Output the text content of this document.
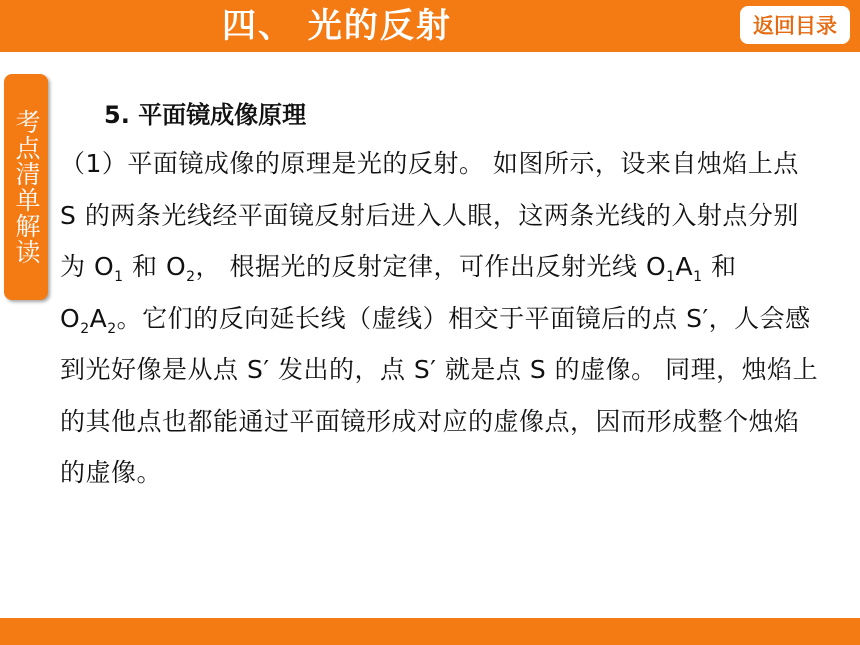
四、 光的反射	返回目录
考点清单解读	5. 平面镜成像原理

（1）平面镜成像的原理是光的反射。 如图所示，设来自烛焰上点 S 的两条光线经平面镜反射后进入人眼，这两条光线的入射点分别为 $O_1$ 和 $O_2$， 根据光的反射定律，可作出反射光线 $O_1A_1$ 和 $O_2A_2$。它们的反向延长线（虚线）相交于平面镜后的点 S′，人会感到光好像是从点 S′ 发出的，点 S′ 就是点 S 的虚像。 同理，烛焰上的其他点也都能通过平面镜形成对应的虚像点，因而形成整个烛焰的虚像。
